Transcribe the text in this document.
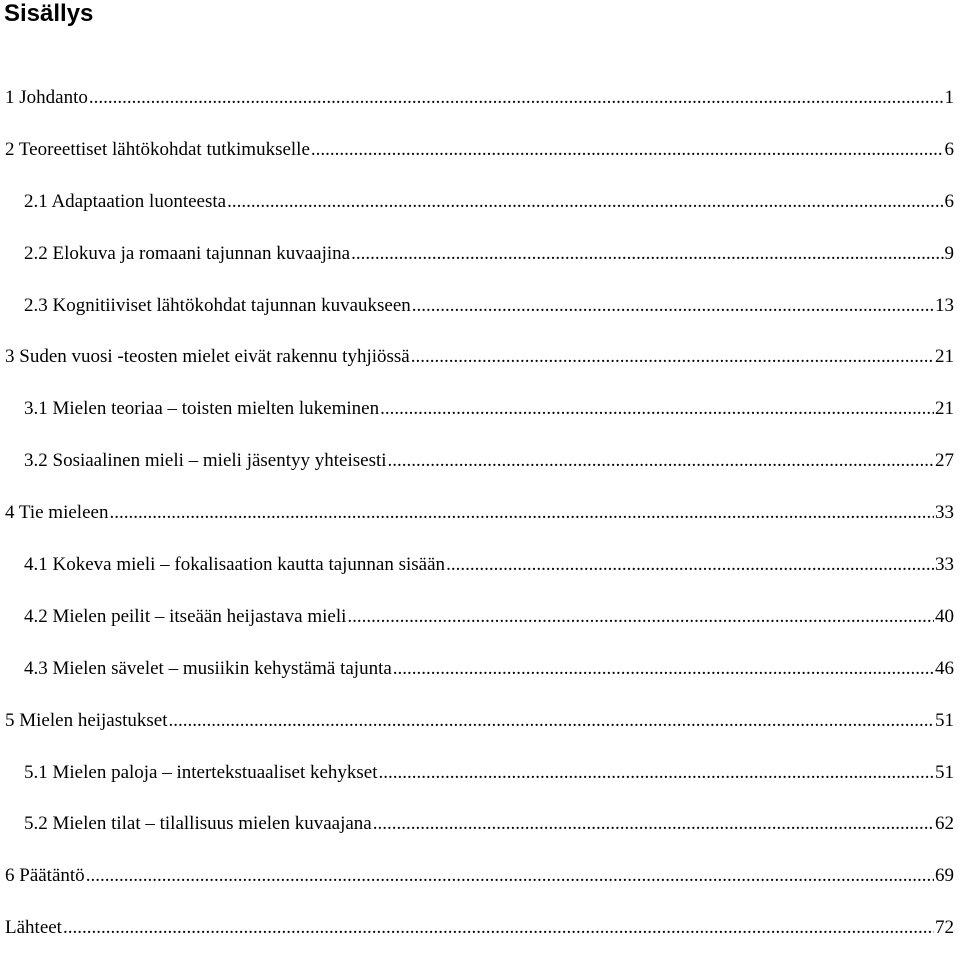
Sisällys
1 Johdanto .....	1
2 Teoreettiset lähtökohdat tutkimukselle .....	6
2.1 Adaptaation luonteesta .....	6
2.2 Elokuva ja romaani tajunnan kuvaajina .....	9
2.3 Kognitiiviset lähtökohdat tajunnan kuvaukseen .....	13
3 Suden vuosi -teosten mielet eivät rakennu tyhjiössä .....	21
3.1 Mielen teoriaa – toisten mielten lukeminen .....	21
3.2 Sosiaalinen mieli – mieli jäsentyy yhteisesti .....	27
4 Tie mieleen .....	33
4.1 Kokeva mieli – fokalisaation kautta tajunnan sisään .....	33
4.2 Mielen peilit – itseään heijastava mieli .....	40
4.3 Mielen sävelet – musiikin kehystämä tajunta .....	46
5 Mielen heijastukset .....	51
5.1 Mielen paloja – intertekstuaaliset kehykset .....	51
5.2 Mielen tilat – tilallisuus mielen kuvaajana .....	62
6 Päätäntö .....	69
Lähteet .....	72
